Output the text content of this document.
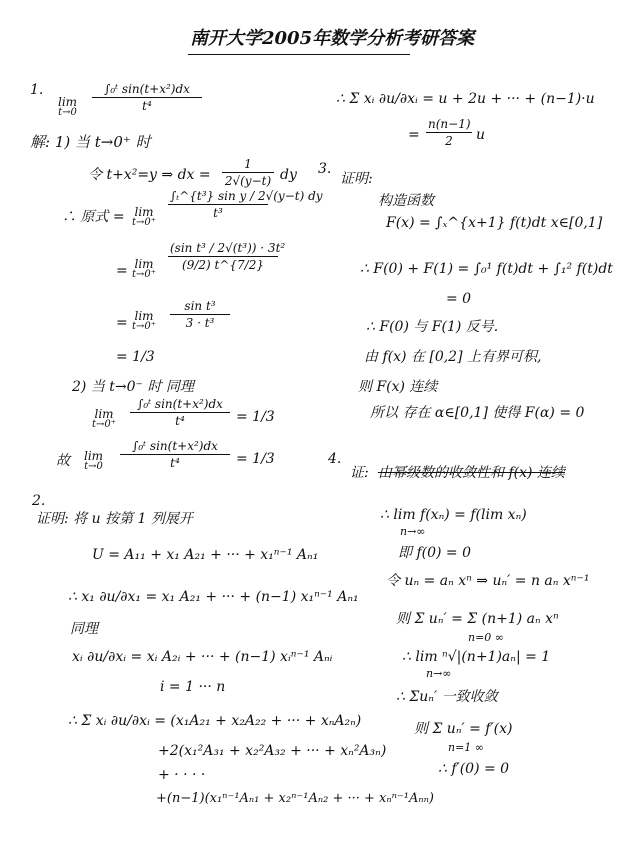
南开大学2005年数学分析考研答案
1.
lim
t→0
$\frac{\text{∫₀ᵗ sin(t+x²)dx}}{\text{t⁴}}$
解: 1) 当 t→0⁺ 时
令 t+x²=y ⇒ dx = $\frac{1}{2√(y-t)}$ dy
∴ 原式 = lim
t→0⁺
$\frac{\text{∫ₜ\textasciicircum{}\{t³\} sin y / 2√(y−t) dy}}{\text{t³}}$
= lim
t→0⁺
$\frac{\text{(sin t³ / 2√(t³)) · 3t²}}{(9/2) t\^{}\{7/2\}}$
= lim
$t\to 0^+ \frac{\text{sin t³}}{\text{3 · t³}}$
= 1/3
2) 当 t→0⁻ 时 同理
lim
$t\to 0^+ \frac{\text{∫₀ᵗ sin(t+x²)dx}}{\text{t⁴}} = 1/3$
故 lim
$t\to 0 \frac{\text{∫₀ᵗ sin(t+x²)dx}}{\text{t⁴}} = 1/3$
2.
证明: 将 u 按第 1 列展开
U = A₁₁ + x₁ A₂₁ + ··· + x₁ⁿ⁻¹ Aₙ₁
∴ x₁ ∂u/∂x₁ = x₁ A₂₁ + ··· + (n−1) x₁ⁿ⁻¹ Aₙ₁
同理
xᵢ ∂u/∂xᵢ = xᵢ A₂ᵢ + ··· + (n−1) xᵢⁿ⁻¹ Aₙᵢ
i = 1 ··· n
∴ Σ xᵢ ∂u/∂xᵢ = (x₁A₂₁ + x₂A₂₂ + ··· + xₙA₂ₙ)
+2(x₁²A₃₁ + x₂²A₃₂ + ··· + xₙ²A₃ₙ)
+ · · · ·
+(n−1)(x₁ⁿ⁻¹Aₙ₁ + x₂ⁿ⁻¹Aₙ₂ + ··· + xₙⁿ⁻¹Aₙₙ)
∴ Σ xᵢ ∂u/∂xᵢ = u + 2u + ··· + (n−1)·u
= $\frac{n(n-1)}{2}$ u
3.
证明:
构造函数
F(x) = ∫ₓ^{x+1} f(t)dt x∈[0,1]
∴ F(0) + F(1) = ∫₀¹ f(t)dt + ∫₁² f(t)dt
= 0
∴ F(0) 与 F(1) 反号.
由 f(x) 在 [0,2] 上有界可积,
则 F(x) 连续
所以 存在 α∈[0,1] 使得 F(α) = 0
4.
证: 由幂级数的收敛性和 f(x) 连续
∴ lim f(xₙ) = f(lim xₙ)
n→∞
即 f(0) = 0
令 uₙ = aₙ xⁿ ⇒ uₙ′ = n aₙ xⁿ⁻¹
则 Σ uₙ′ = Σ (n+1) aₙ xⁿ
n=0 ∞
∴ lim ⁿ√|(n+1)aₙ| = 1
n→∞
∴ Σuₙ′ 一致收敛
则 Σ uₙ′ = f′(x)
n=1 ∞
∴ f′(0) = 0
